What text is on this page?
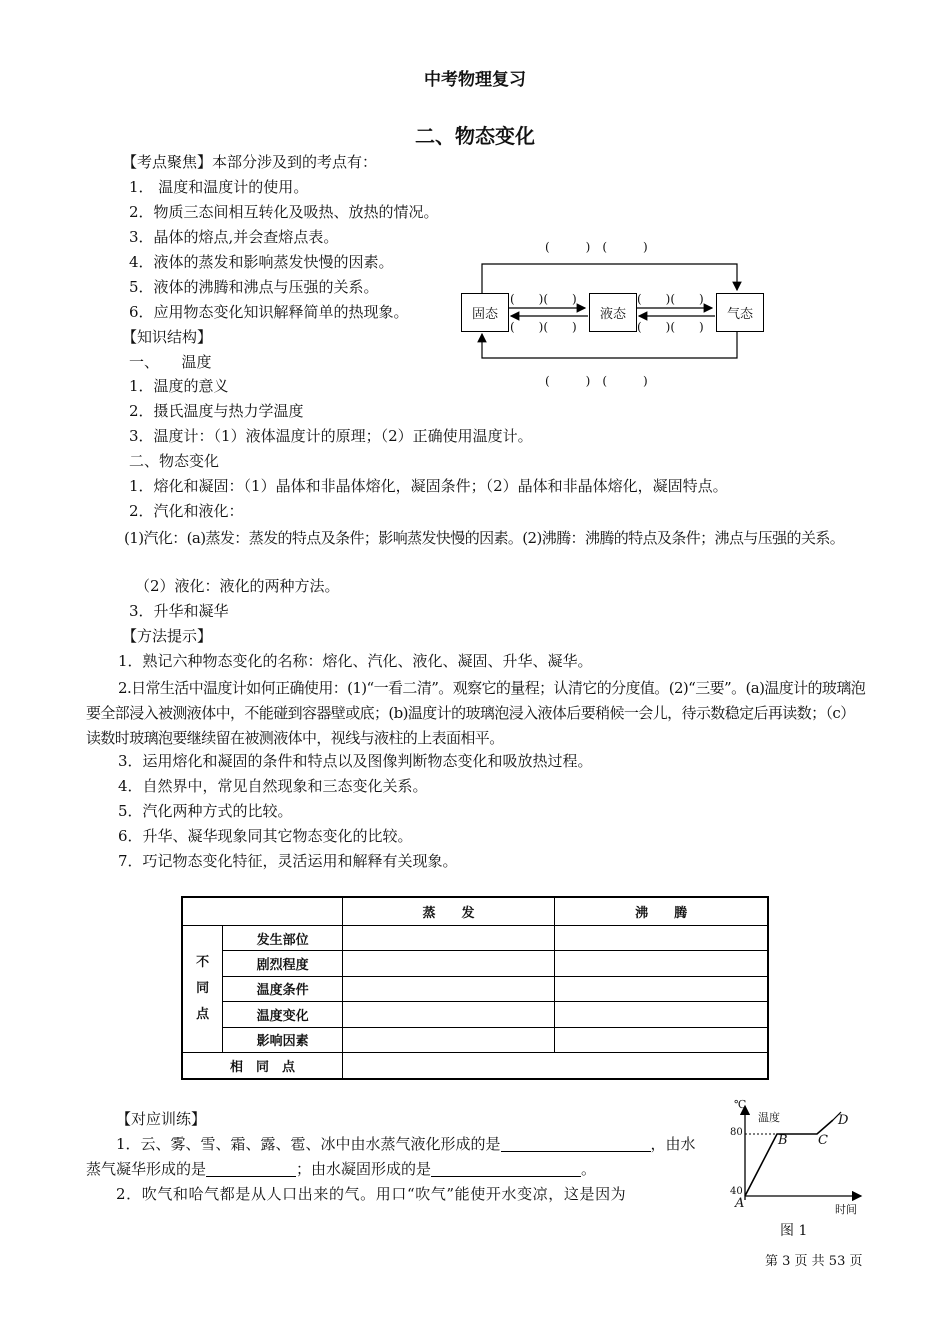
中考物理复习
二、物态变化
【考点聚焦】本部分涉及到的考点有：
1． 温度和温度计的使用。
2．物质三态间相互转化及吸热、放热的情况。
3．晶体的熔点,并会查熔点表。
4．液体的蒸发和影响蒸发快慢的因素。
5．液体的沸腾和沸点与压强的关系。
6．应用物态变化知识解释简单的热现象。	固态	液态	气态
(　　　)　(　　　)
(　　　)　(　　　)
(　　)(　　)
(　　)(　　)
(　　)(　　)
(　　)(　　)
【知识结构】
一、　　温度
1．温度的意义
2．摄氏温度与热力学温度
3．温度计：（1）液体温度计的原理；（2）正确使用温度计。
二、物态变化
1．熔化和凝固：（1）晶体和非晶体熔化，凝固条件；（2）晶体和非晶体熔化，凝固特点。
2．汽化和液化：
(1)汽化：(a)蒸发：蒸发的特点及条件；影响蒸发快慢的因素。(2)沸腾：沸腾的特点及条件；沸点与压强的关系。
（2）液化：液化的两种方法。
3．升华和凝华
【方法提示】
1．熟记六种物态变化的名称：熔化、汽化、液化、凝固、升华、凝华。
2.日常生活中温度计如何正确使用：(1)“一看二清”。观察它的量程；认清它的分度值。(2)“三要”。(a)温度计的玻璃泡要全部浸入被测液体中，不能碰到容器壁或底；(b)温度计的玻璃泡浸入液体后要稍候一会儿，待示数稳定后再读数；（c）读数时玻璃泡要继续留在被测液体中，视线与液柱的上表面相平。
3．运用熔化和凝固的条件和特点以及图像判断物态变化和吸放热过程。
4．自然界中，常见自然现象和三态变化关系。
5．汽化两种方式的比较。
6．升华、凝华现象同其它物态变化的比较。
7．巧记物态变化特征，灵活运用和解释有关现象。
		蒸　　发	沸　　腾

不
同
点	发生部位		
	剧烈程度		
	温度条件		
	温度变化		
	影响因素		
相　同　点			
【对应训练】
1．云、雾、雪、霜、露、雹、冰中由水蒸气液化形成的是	，由水
蒸气凝华形成的是	；由水凝固形成的是	。
2．吹气和哈气都是从人口出来的气。用口“吹气”能使开水变凉，这是因为
℃
温度
80
40
A
B C
D
时间
图 1
第 3 页 共 53 页
